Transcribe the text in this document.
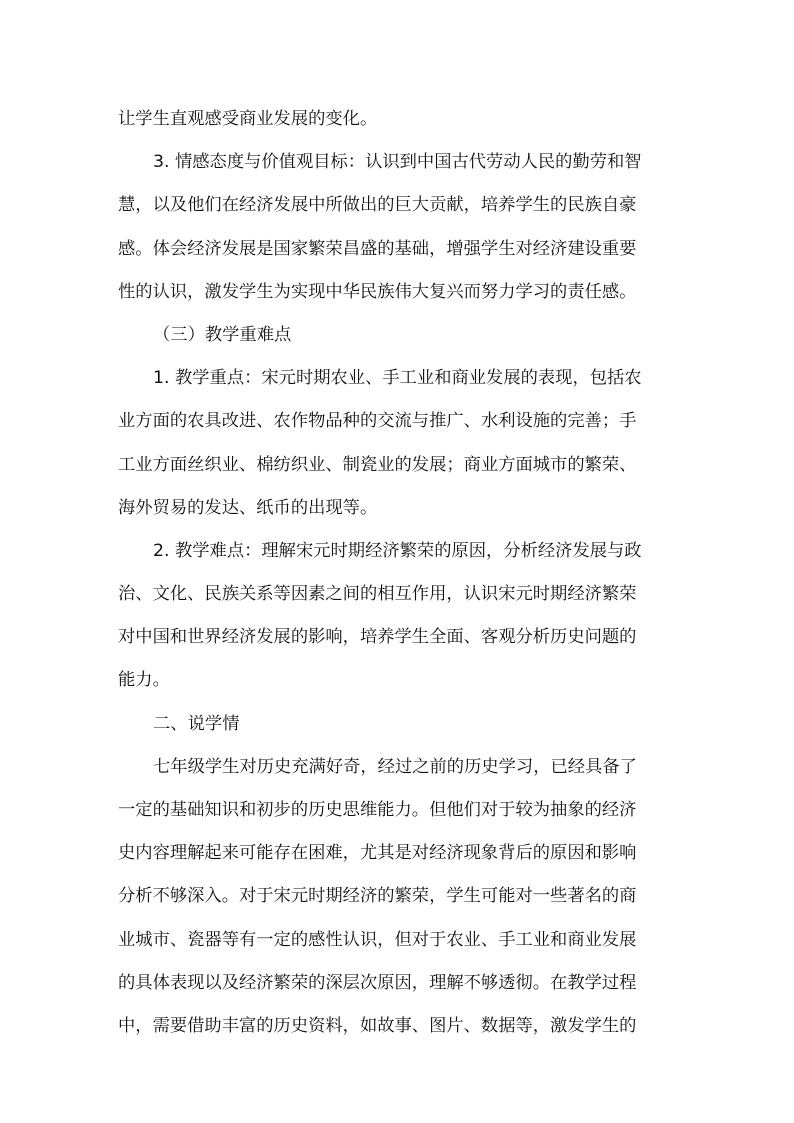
让学生直观感受商业发展的变化。
3. 情感态度与价值观目标：认识到中国古代劳动人民的勤劳和智
慧，以及他们在经济发展中所做出的巨大贡献，培养学生的民族自豪
感。体会经济发展是国家繁荣昌盛的基础，增强学生对经济建设重要
性的认识，激发学生为实现中华民族伟大复兴而努力学习的责任感。
（三）教学重难点
1. 教学重点：宋元时期农业、手工业和商业发展的表现，包括农
业方面的农具改进、农作物品种的交流与推广、水利设施的完善；手
工业方面丝织业、棉纺织业、制瓷业的发展；商业方面城市的繁荣、
海外贸易的发达、纸币的出现等。
2. 教学难点：理解宋元时期经济繁荣的原因，分析经济发展与政
治、文化、民族关系等因素之间的相互作用，认识宋元时期经济繁荣
对中国和世界经济发展的影响，培养学生全面、客观分析历史问题的
能力。
二、说学情
七年级学生对历史充满好奇，经过之前的历史学习，已经具备了
一定的基础知识和初步的历史思维能力。但他们对于较为抽象的经济
史内容理解起来可能存在困难，尤其是对经济现象背后的原因和影响
分析不够深入。对于宋元时期经济的繁荣，学生可能对一些著名的商
业城市、瓷器等有一定的感性认识，但对于农业、手工业和商业发展
的具体表现以及经济繁荣的深层次原因，理解不够透彻。在教学过程
中，需要借助丰富的历史资料，如故事、图片、数据等，激发学生的
